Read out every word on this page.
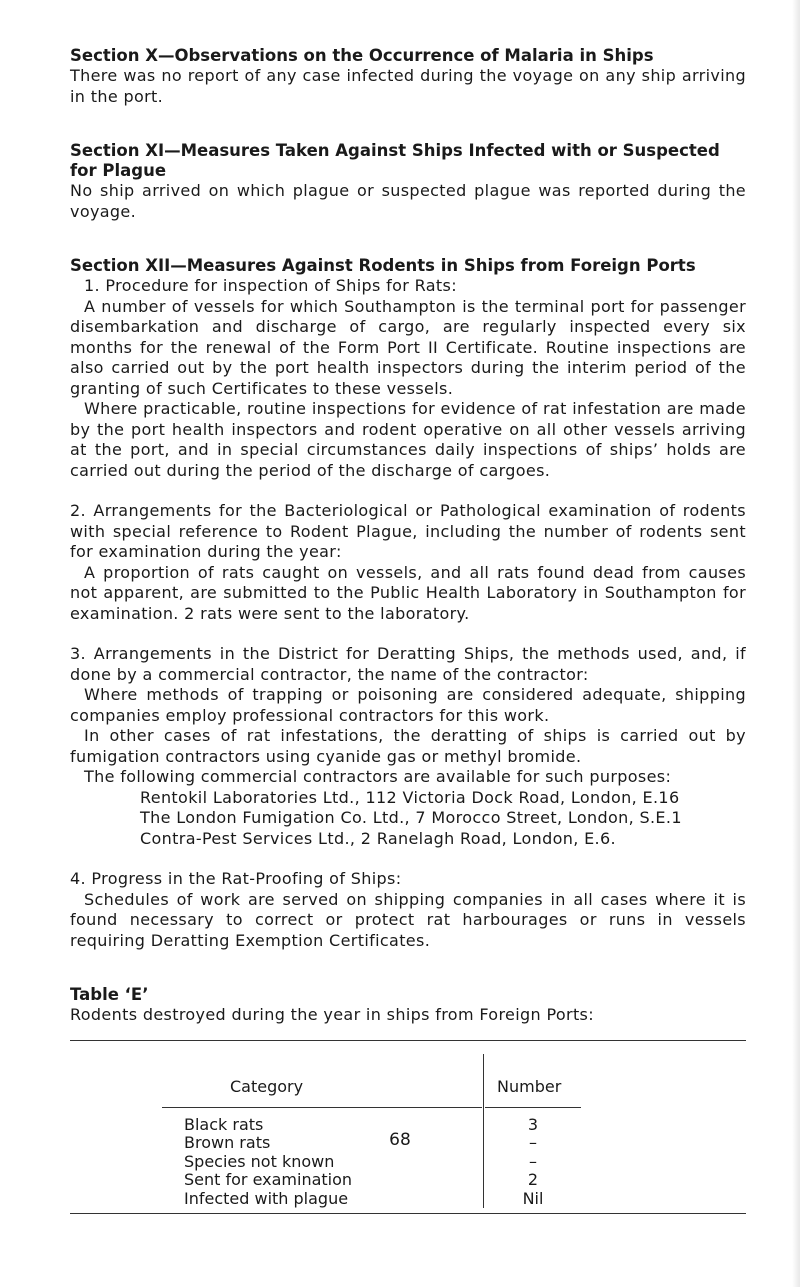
Section X—Observations on the Occurrence of Malaria in Ships

There was no report of any case infected during the voyage on any ship arriving in the port.

Section XI—Measures Taken Against Ships Infected with or Suspected for Plague

No ship arrived on which plague or suspected plague was reported during the voyage.

Section XII—Measures Against Rodents in Ships from Foreign Ports

1. Procedure for inspection of Ships for Rats:

A number of vessels for which Southampton is the terminal port for passenger disembarkation and discharge of cargo, are regularly inspected every six months for the renewal of the Form Port II Certificate. Routine inspections are also carried out by the port health inspectors during the interim period of the granting of such Certificates to these vessels.

Where practicable, routine inspections for evidence of rat infestation are made by the port health inspectors and rodent operative on all other vessels arriving at the port, and in special circumstances daily inspections of ships’ holds are carried out during the period of the discharge of cargoes.

2. Arrangements for the Bacteriological or Pathological examination of rodents with special reference to Rodent Plague, including the number of rodents sent for examination during the year:

A proportion of rats caught on vessels, and all rats found dead from causes not apparent, are submitted to the Public Health Laboratory in Southampton for examination. 2 rats were sent to the laboratory.

3. Arrangements in the District for Deratting Ships, the methods used, and, if done by a commercial contractor, the name of the contractor:

Where methods of trapping or poisoning are considered adequate, shipping companies employ professional contractors for this work.

In other cases of rat infestations, the deratting of ships is carried out by fumigation contractors using cyanide gas or methyl bromide.

The following commercial contractors are available for such purposes:

Rentokil Laboratories Ltd., 112 Victoria Dock Road, London, E.16

The London Fumigation Co. Ltd., 7 Morocco Street, London, S.E.1

Contra-Pest Services Ltd., 2 Ranelagh Road, London, E.6.

4. Progress in the Rat-Proofing of Ships:

Schedules of work are served on shipping companies in all cases where it is found necessary to correct or protect rat harbourages or runs in vessels requiring Deratting Exemption Certificates.

Table ‘E’

Rodents destroyed during the year in ships from Foreign Ports:

Category	Number
Black rats	3
Brown rats	–
Species not known	–
Sent for examination	2
Infected with plague	Nil
68
